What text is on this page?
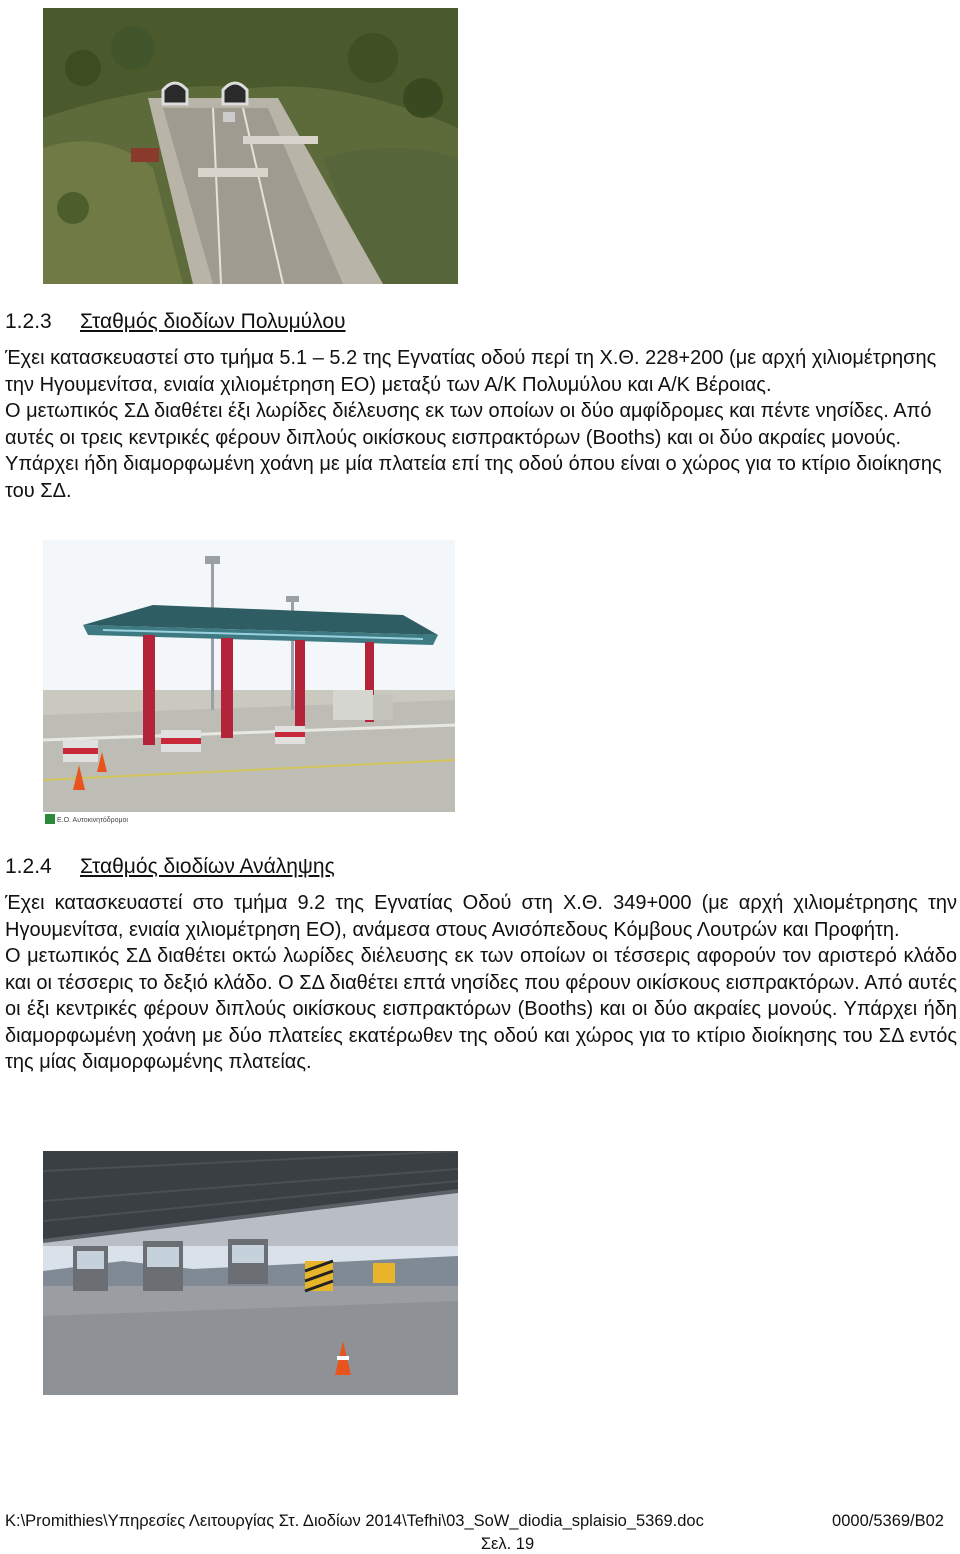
1.2.3 Σταθμός διοδίων Πολυμύλου

Έχει κατασκευαστεί στο τμήμα 5.1 – 5.2 της Εγνατίας οδού περί τη Χ.Θ. 228+200 (με αρχή χιλιομέτρησης την Ηγουμενίτσα, ενιαία χιλιομέτρηση ΕΟ) μεταξύ των Α/Κ Πολυμύλου και Α/Κ Βέροιας.

Ο μετωπικός ΣΔ διαθέτει έξι λωρίδες διέλευσης εκ των οποίων οι δύο αμφίδρομες και πέντε νησίδες. Από αυτές οι τρεις κεντρικές φέρουν διπλούς οικίσκους εισπρακτόρων (Booths) και οι δύο ακραίες μονούς. Υπάρχει ήδη διαμορφωμένη χοάνη με μία πλατεία επί της οδού όπου είναι ο χώρος για το κτίριο διοίκησης του ΣΔ.

Ε.Ο. Αυτοκινητόδρομοι
1.2.4 Σταθμός διοδίων Ανάληψης

Έχει κατασκευαστεί στο τμήμα 9.2 της Εγνατίας Οδού στη Χ.Θ. 349+000 (με αρχή χιλιομέτρησης την Ηγουμενίτσα, ενιαία χιλιομέτρηση ΕΟ), ανάμεσα στους Ανισόπεδους Κόμβους Λουτρών και Προφήτη.

Ο μετωπικός ΣΔ διαθέτει οκτώ λωρίδες διέλευσης εκ των οποίων οι τέσσερις αφορούν τον αριστερό κλάδο και οι τέσσερις το δεξιό κλάδο. Ο ΣΔ διαθέτει επτά νησίδες που φέρουν οικίσκους εισπρακτόρων. Από αυτές οι έξι κεντρικές φέρουν διπλούς οικίσκους εισπρακτόρων (Booths) και οι δύο ακραίες μονούς. Υπάρχει ήδη διαμορφωμένη χοάνη με δύο πλατείες εκατέρωθεν της οδού και χώρος για το κτίριο διοίκησης του ΣΔ εντός της μίας διαμορφωμένης πλατείας.

K:\Promithies\Υπηρεσίες Λειτουργίας Στ. Διοδίων 2014\Tefhi\03_SoW_diodia_splaisio_5369.doc	0000/5369/B02
Σελ. 19
